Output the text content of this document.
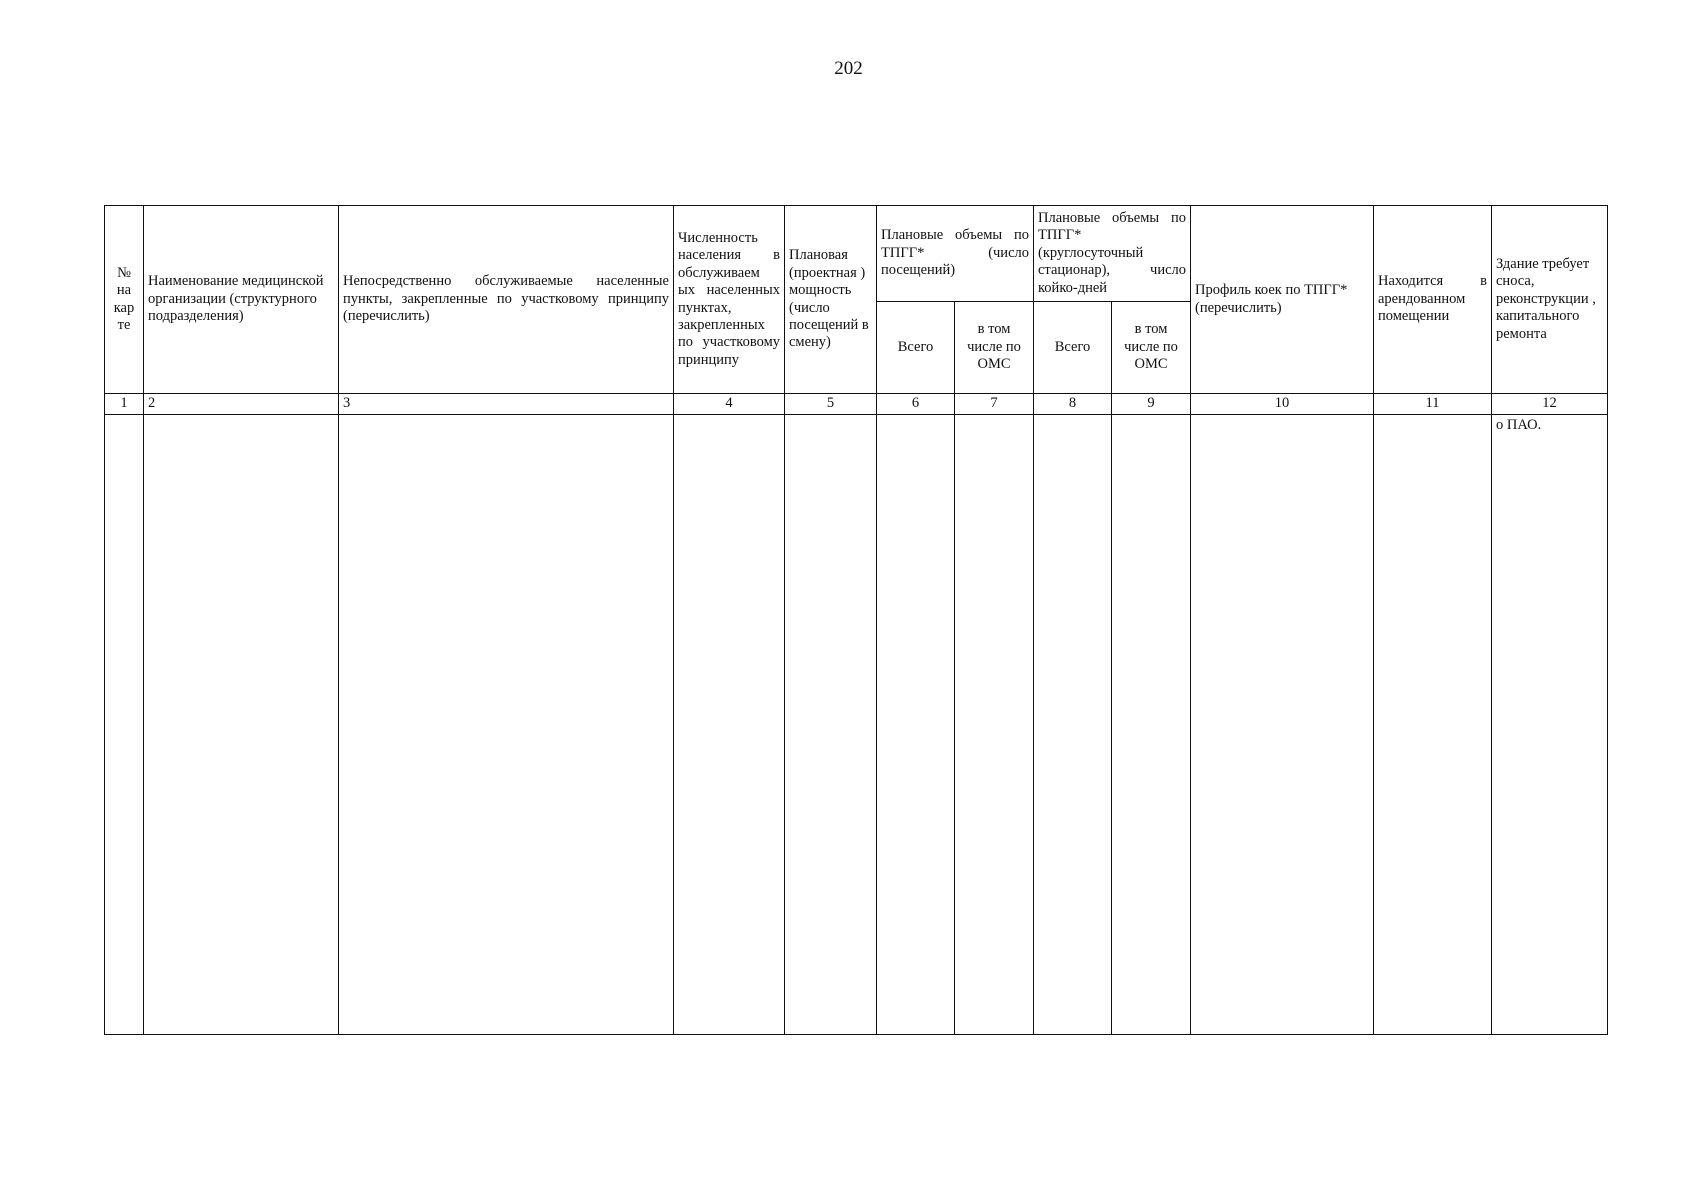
202
№ на кар те	Наименование медицинской организации (структурного подразделения)	Непосредственно обслуживаемые населенные пункты, закрепленные по участковому принципу (перечислить)	Численность населения в обслуживаем ых населенных пунктах, закрепленных по участковому принципу	Плановая (проектная ) мощность (число посещений в смену)	Плановые объемы по ТПГГ* (число посещений)		Плановые объемы по ТПГГ* (круглосуточный стационар), число койко-дней		Профиль коек по ТПГГ* (перечислить)	Находится в арендованном помещении	Здание требует сноса, реконструкции , капитального ремонта
					Всего	в том числе по ОМС	Всего	в том числе по ОМС			
1	2	3	4	5	6	7	8	9	10	11	12
											о ПАО.
